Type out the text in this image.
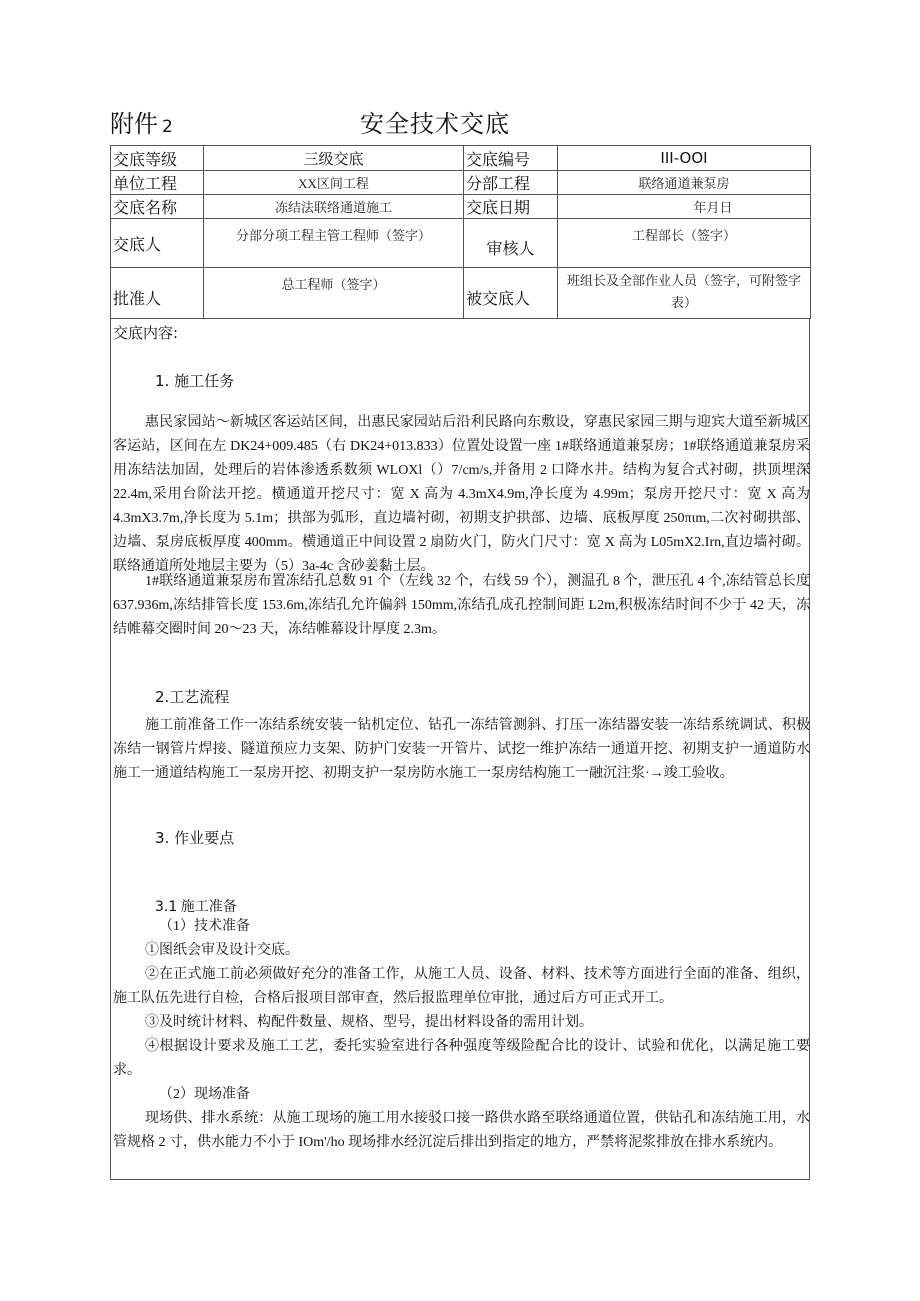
附件 2	安全技术交底
交底等级	三级交底	交底编号	III-OOI
单位工程	XX区间工程	分部工程	联络通道兼泵房
交底名称	冻结法联络通道施工	交底日期	年月日
交底人	分部分项工程主管工程师（签字）	审核人	工程部长（签字）
批准人	总工程师（签字）	被交底人	班组长及全部作业人员（签字，可附签字表）
交底内容:
1. 施工任务
惠民家园站～新城区客运站区间，出惠民家园站后沿利民路向东敷设，穿惠民家园三期与迎宾大道至新城区客运站，区间在左 DK24+009.485（右 DK24+013.833）位置处设置一座 1#联络通道兼泵房；1#联络通道兼泵房采用冻结法加固，处理后的岩体渗透系数须 WLOXl（）7/cm/s,并备用 2 口降水井。结构为复合式衬砌，拱顶埋深 22.4m,采用台阶法开挖。横通道开挖尺寸：宽 X 高为 4.3mX4.9m,净长度为 4.99m；泵房开挖尺寸：宽 X 高为 4.3mX3.7m,净长度为 5.1m；拱部为弧形，直边墙衬砌，初期支护拱部、边墙、底板厚度 250πιm,二次衬砌拱部、边墙、泵房底板厚度 400mm。横通道正中间设置 2 扇防火门，防火门尺寸：宽 X 高为 L05mX2.Irn,直边墙衬砌。联络通道所处地层主要为（5）3a-4c 含砂姜黏土层。
1#联络通道兼泵房布置冻结孔总数 91 个（左线 32 个，右线 59 个），测温孔 8 个，泄压孔 4 个,冻结管总长度 637.936m,冻结排管长度 153.6m,冻结孔允许偏斜 150mm,冻结孔成孔控制间距 L2m,积极冻结时间不少于 42 天，冻结帷幕交圈时间 20～23 天，冻结帷幕设计厚度 2.3m。
2.工艺流程
施工前准备工作一冻结系统安装一钻机定位、钻孔一冻结管测斜、打压一冻结器安装一冻结系统调试、积极冻结一钢管片焊接、隧道预应力支架、防护门安装一开管片、试挖一维护冻结一通道开挖、初期支护一通道防水施工一通道结构施工一泵房开挖、初期支护一泵房防水施工一泵房结构施工一融沉注浆·→竣工验收。
3. 作业要点
3.1 施工准备
（1）技术准备
①图纸会审及设计交底。
②在正式施工前必须做好充分的准备工作，从施工人员、设备、材料、技术等方面进行全面的准备、组织，施工队伍先进行自检，合格后报项目部审查，然后报监理单位审批，通过后方可正式开工。
③及时统计材料、构配件数量、规格、型号，提出材料设备的需用计划。
④根据设计要求及施工工艺，委托实验室进行各种强度等级险配合比的设计、试验和优化，以满足施工要求。
（2）现场准备
现场供、排水系统：从施工现场的施工用水接驳口接一路供水路至联络通道位置，供钻孔和冻结施工用，水管规格 2 寸，供水能力不小于 IOm'/ho 现场排水经沉淀后排出到指定的地方，严禁将泥浆排放在排水系统内。
